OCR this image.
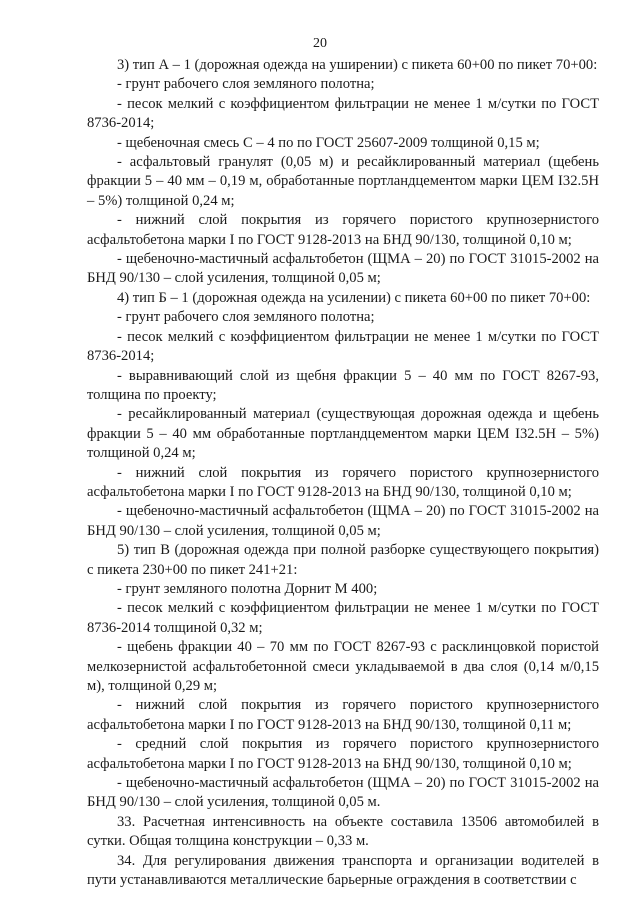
20

3) тип А – 1 (дорожная одежда на уширении) с пикета 60+00 по пикет 70+00:

- грунт рабочего слоя земляного полотна;

- песок мелкий с коэффициентом фильтрации не менее 1 м/сутки по ГОСТ 8736-2014;

- щебеночная смесь С – 4 по по ГОСТ 25607-2009 толщиной 0,15 м;

- асфальтовый гранулят (0,05 м) и ресайклированный материал (щебень фракции 5 – 40 мм – 0,19 м, обработанные портландцементом марки ЦЕМ I32.5Н – 5%) толщиной 0,24 м;

- нижний слой покрытия из горячего пористого крупнозернистого асфальтобетона марки I по ГОСТ 9128-2013 на БНД 90/130, толщиной 0,10 м;

- щебеночно-мастичный асфальтобетон (ЩМА – 20) по ГОСТ 31015-2002 на БНД 90/130 – слой усиления, толщиной 0,05 м;

4) тип Б – 1 (дорожная одежда на усилении) с пикета 60+00 по пикет 70+00:

- грунт рабочего слоя земляного полотна;

- песок мелкий с коэффициентом фильтрации не менее 1 м/сутки по ГОСТ 8736-2014;

- выравнивающий слой из щебня фракции 5 – 40 мм по ГОСТ 8267-93, толщина по проекту;

- ресайклированный материал (существующая дорожная одежда и щебень фракции 5 – 40 мм обработанные портландцементом марки ЦЕМ I32.5Н – 5%) толщиной 0,24 м;

- нижний слой покрытия из горячего пористого крупнозернистого асфальтобетона марки I по ГОСТ 9128-2013 на БНД 90/130, толщиной 0,10 м;

- щебеночно-мастичный асфальтобетон (ЩМА – 20) по ГОСТ 31015-2002 на БНД 90/130 – слой усиления, толщиной 0,05 м;

5) тип В (дорожная одежда при полной разборке существующего покрытия) с пикета 230+00 по пикет 241+21:

- грунт земляного полотна Дорнит М 400;

- песок мелкий с коэффициентом фильтрации не менее 1 м/сутки по ГОСТ 8736-2014 толщиной 0,32 м;

- щебень фракции 40 – 70 мм по ГОСТ 8267-93 с расклинцовкой пористой мелкозернистой асфальтобетонной смеси укладываемой в два слоя (0,14 м/0,15 м), толщиной 0,29 м;

- нижний слой покрытия из горячего пористого крупнозернистого асфальтобетона марки I по ГОСТ 9128-2013 на БНД 90/130, толщиной 0,11 м;

- средний слой покрытия из горячего пористого крупнозернистого асфальтобетона марки I по ГОСТ 9128-2013 на БНД 90/130, толщиной 0,10 м;

- щебеночно-мастичный асфальтобетон (ЩМА – 20) по ГОСТ 31015-2002 на БНД 90/130 – слой усиления, толщиной 0,05 м.

33. Расчетная интенсивность на объекте составила 13506 автомобилей в сутки. Общая толщина конструкции – 0,33 м.

34. Для регулирования движения транспорта и организации водителей в пути устанавливаются металлические барьерные ограждения в соответствии с
